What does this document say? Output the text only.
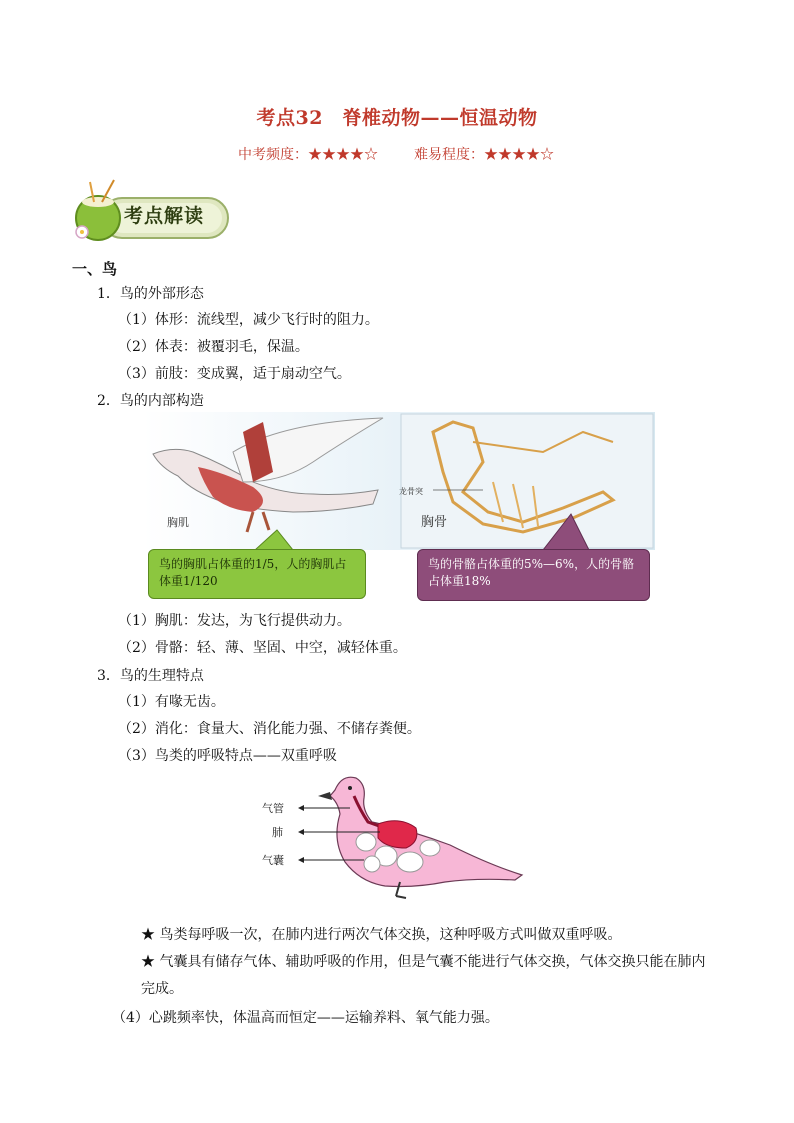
考点32　脊椎动物——恒温动物
中考频度：★★★★☆	难易程度：★★★★☆
考点解读
一、鸟
1．鸟的外部形态
（1）体形：流线型，减少飞行时的阻力。
（2）体表：被覆羽毛，保温。
（3）前肢：变成翼，适于扇动空气。
2．鸟的内部构造
胸肌
龙骨突
胸骨
鸟的胸肌占体重的1/5，人的胸肌占体重1/120
鸟的骨骼占体重的5%—6%，人的骨骼占体重18%
（1）胸肌：发达，为飞行提供动力。
（2）骨骼：轻、薄、坚固、中空，减轻体重。
3．鸟的生理特点
（1）有喙无齿。
（2）消化：食量大、消化能力强、不储存粪便。
（3）鸟类的呼吸特点——双重呼吸
气管
肺
气囊
★ 鸟类每呼吸一次，在肺内进行两次气体交换，这种呼吸方式叫做双重呼吸。
★ 气囊具有储存气体、辅助呼吸的作用，但是气囊不能进行气体交换，气体交换只能在肺内
完成。
（4）心跳频率快，体温高而恒定——运输养料、氧气能力强。
